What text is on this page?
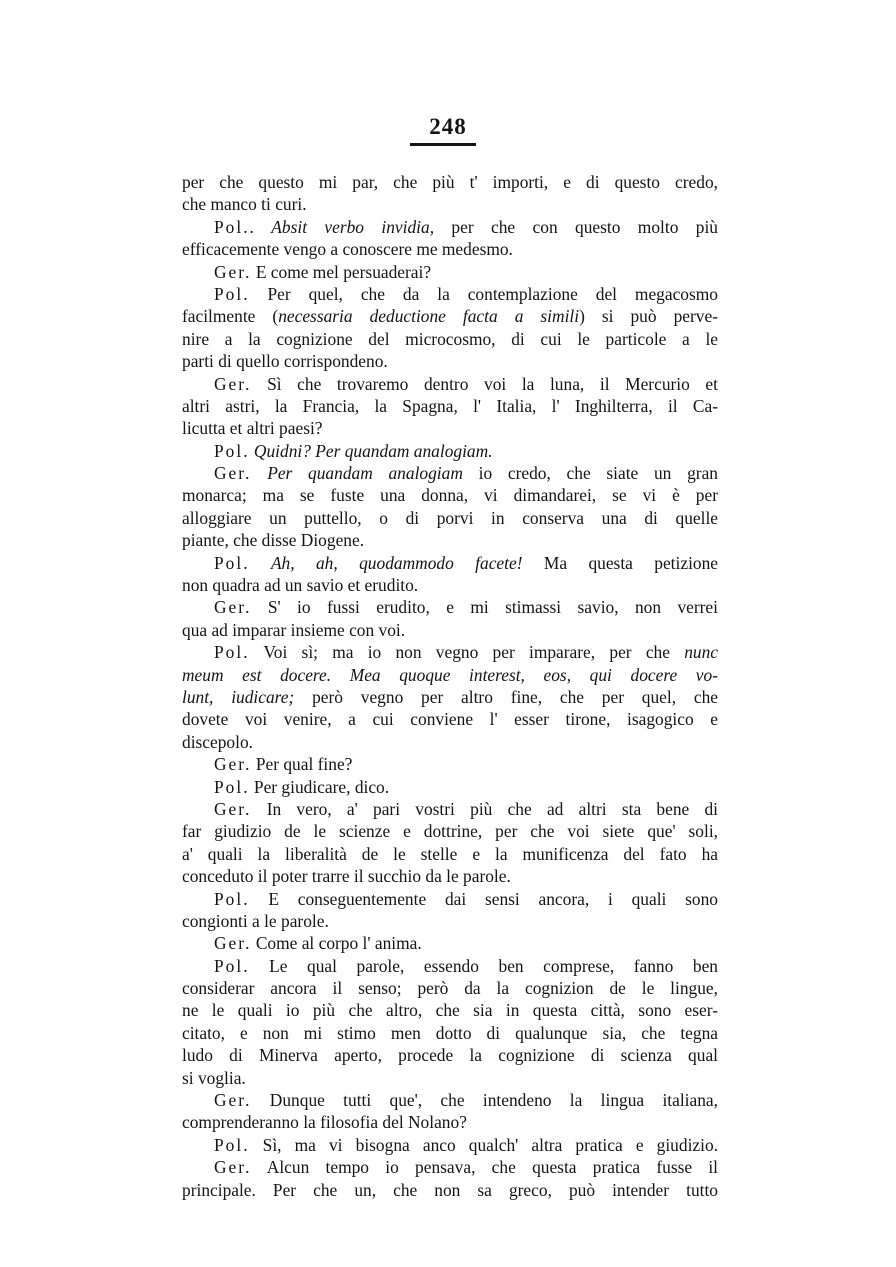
248
per che questo mi par, che più t' importi, e di questo credo,
che manco ti curi.
Pol.. Absit verbo invidia, per che con questo molto più
efficacemente vengo a conoscere me medesmo.
Ger. E come mel persuaderai?
Pol. Per quel, che da la contemplazione del megacosmo
facilmente (necessaria deductione facta a simili) si può perve-
nire a la cognizione del microcosmo, di cui le particole a le
parti di quello corrispondeno.
Ger. Sì che trovaremo dentro voi la luna, il Mercurio et
altri astri, la Francia, la Spagna, l' Italia, l' Inghilterra, il Ca-
licutta et altri paesi?
Pol. Quidni? Per quandam analogiam.
Ger. Per quandam analogiam io credo, che siate un gran
monarca; ma se fuste una donna, vi dimandarei, se vi è per
alloggiare un puttello, o di porvi in conserva una di quelle
piante, che disse Diogene.
Pol. Ah, ah, quodammodo facete! Ma questa petizione
non quadra ad un savio et erudito.
Ger. S' io fussi erudito, e mi stimassi savio, non verrei
qua ad imparar insieme con voi.
Pol. Voi sì; ma io non vegno per imparare, per che nunc
meum est docere. Mea quoque interest, eos, qui docere vo-
lunt, iudicare; però vegno per altro fine, che per quel, che
dovete voi venire, a cui conviene l' esser tirone, isagogico e
discepolo.
Ger. Per qual fine?
Pol. Per giudicare, dico.
Ger. In vero, a' pari vostri più che ad altri sta bene di
far giudizio de le scienze e dottrine, per che voi siete que' soli,
a' quali la liberalità de le stelle e la munificenza del fato ha
conceduto il poter trarre il succhio da le parole.
Pol. E conseguentemente dai sensi ancora, i quali sono
congionti a le parole.
Ger. Come al corpo l' anima.
Pol. Le qual parole, essendo ben comprese, fanno ben
considerar ancora il senso; però da la cognizion de le lingue,
ne le quali io più che altro, che sia in questa città, sono eser-
citato, e non mi stimo men dotto di qualunque sia, che tegna
ludo di Minerva aperto, procede la cognizione di scienza qual
si voglia.
Ger. Dunque tutti que', che intendeno la lingua italiana,
comprenderanno la filosofia del Nolano?
Pol. Sì, ma vi bisogna anco qualch' altra pratica e giudizio.
Ger. Alcun tempo io pensava, che questa pratica fusse il
principale. Per che un, che non sa greco, può intender tutto
